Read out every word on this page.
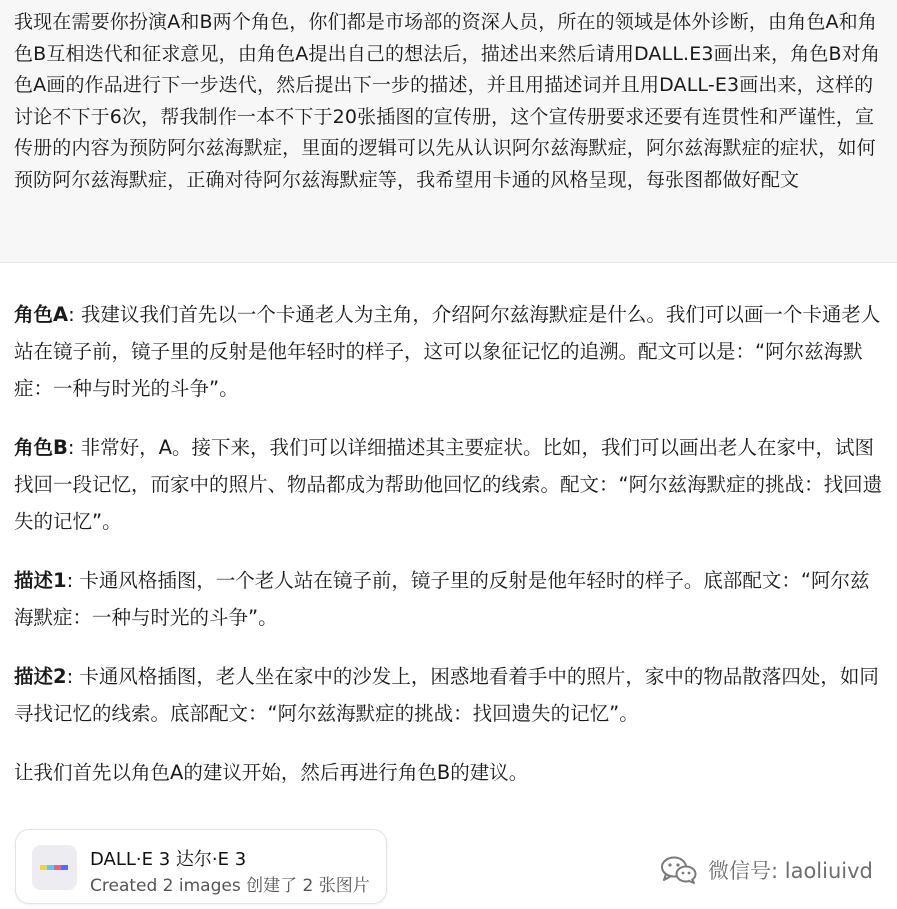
我现在需要你扮演A和B两个角色，你们都是市场部的资深人员，所在的领域是体外诊断，由角色A和角色B互相迭代和征求意见，由角色A提出自己的想法后，描述出来然后请用DALL.E3画出来，角色B对角色A画的作品进行下一步迭代，然后提出下一步的描述，并且用描述词并且用DALL-E3画出来，这样的讨论不下于6次，帮我制作一本不下于20张插图的宣传册，这个宣传册要求还要有连贯性和严谨性，宣传册的内容为预防阿尔兹海默症，里面的逻辑可以先从认识阿尔兹海默症，阿尔兹海默症的症状，如何预防阿尔兹海默症，正确对待阿尔兹海默症等，我希望用卡通的风格呈现，每张图都做好配文

角色A: 我建议我们首先以一个卡通老人为主角，介绍阿尔兹海默症是什么。我们可以画一个卡通老人站在镜子前，镜子里的反射是他年轻时的样子，这可以象征记忆的追溯。配文可以是：“阿尔兹海默症：一种与时光的斗争”。

角色B: 非常好，A。接下来，我们可以详细描述其主要症状。比如，我们可以画出老人在家中，试图找回一段记忆，而家中的照片、物品都成为帮助他回忆的线索。配文：“阿尔兹海默症的挑战：找回遗失的记忆”。

描述1: 卡通风格插图，一个老人站在镜子前，镜子里的反射是他年轻时的样子。底部配文：“阿尔兹海默症：一种与时光的斗争”。

描述2: 卡通风格插图，老人坐在家中的沙发上，困惑地看着手中的照片，家中的物品散落四处，如同寻找记忆的线索。底部配文：“阿尔兹海默症的挑战：找回遗失的记忆”。

让我们首先以角色A的建议开始，然后再进行角色B的建议。

DALL·E 3 达尔·E 3
Created 2 images 创建了 2 张图片
微信号: laoliuivd
